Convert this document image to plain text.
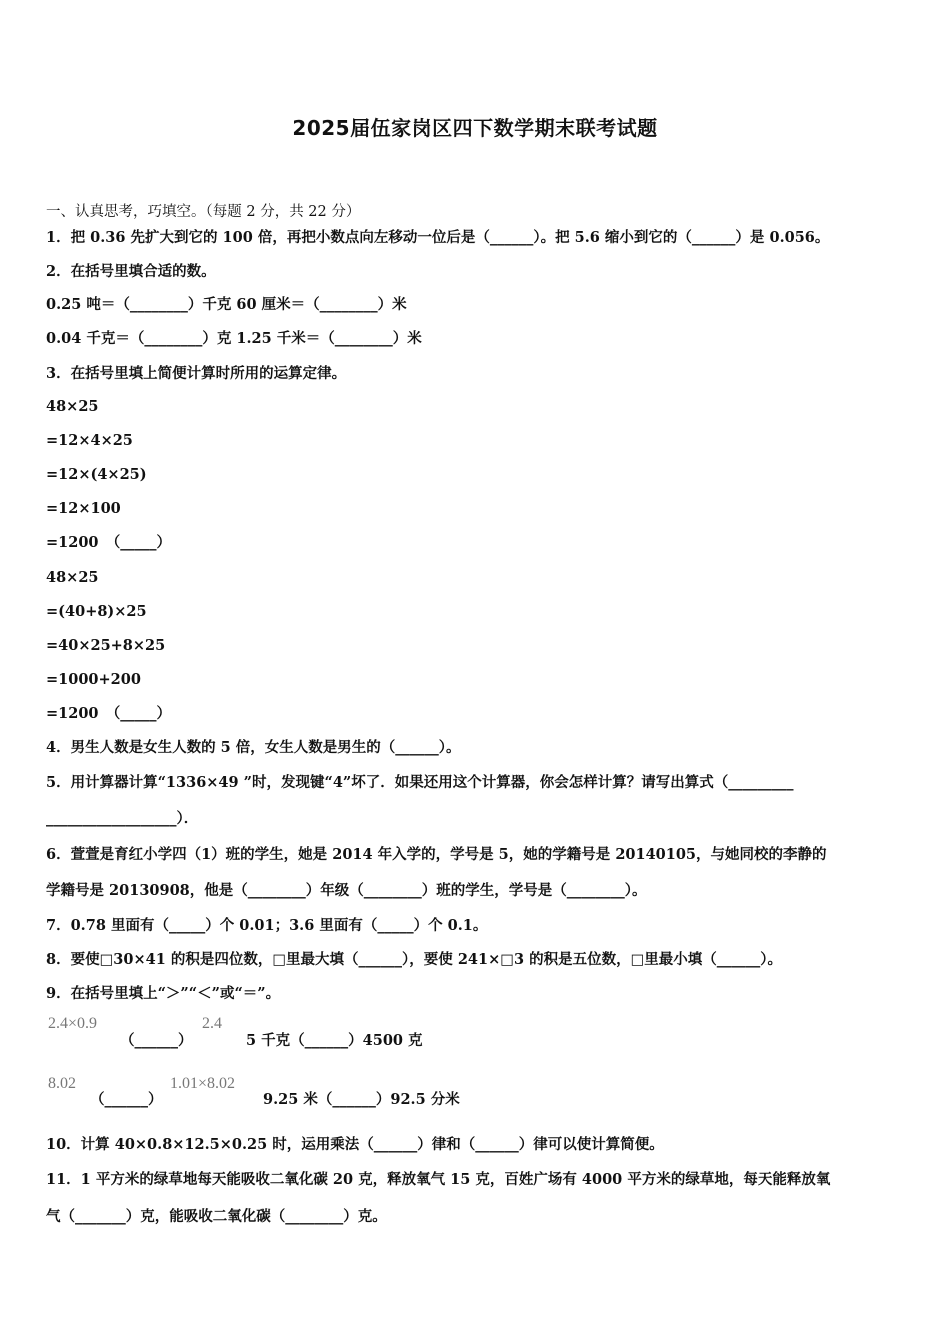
2025届伍家岗区四下数学期末联考试题
一、认真思考，巧填空。（每题 2 分，共 22 分）
1．把 0.36 先扩大到它的 100 倍，再把小数点向左移动一位后是（______）。把 5.6 缩小到它的（______）是 0.056。
2．在括号里填合适的数。
0.25 吨＝（________）千克 60 厘米＝（________）米
0.04 千克＝（________）克 1.25 千米＝（________）米
3．在括号里填上简便计算时所用的运算定律。
48×25
=12×4×25
=12×(4×25)
=12×100
=1200　（_____）
48×25
=(40+8)×25
=40×25+8×25
=1000+200
=1200　（_____）
4．男生人数是女生人数的 5 倍，女生人数是男生的（______）。
5．用计算器计算“1336×49 ”时，发现键“4”坏了．如果还用这个计算器，你会怎样计算？请写出算式（_________
__________________）．
6．萱萱是育红小学四（1）班的学生，她是 2014 年入学的，学号是 5，她的学籍号是 20140105，与她同校的李静的
学籍号是 20130908，他是（________）年级（________）班的学生，学号是（________）。
7．0.78 里面有（_____）个 0.01；3.6 里面有（_____）个 0.1。
8．要使□30×41 的积是四位数，□里最大填（______），要使 241×□3 的积是五位数，□里最小填（______）。
9．在括号里填上“＞”“＜”或“＝”。
2.4×0.9
（______）
2.4
5 千克（______）4500 克
8.02
（______）
1.01×8.02
9.25 米（______）92.5 分米
10．计算 40×0.8×12.5×0.25 时，运用乘法（______）律和（______）律可以使计算简便。
11．1 平方米的绿草地每天能吸收二氧化碳 20 克，释放氧气 15 克，百姓广场有 4000 平方米的绿草地，每天能释放氧
气（_______）克，能吸收二氧化碳（________）克。
